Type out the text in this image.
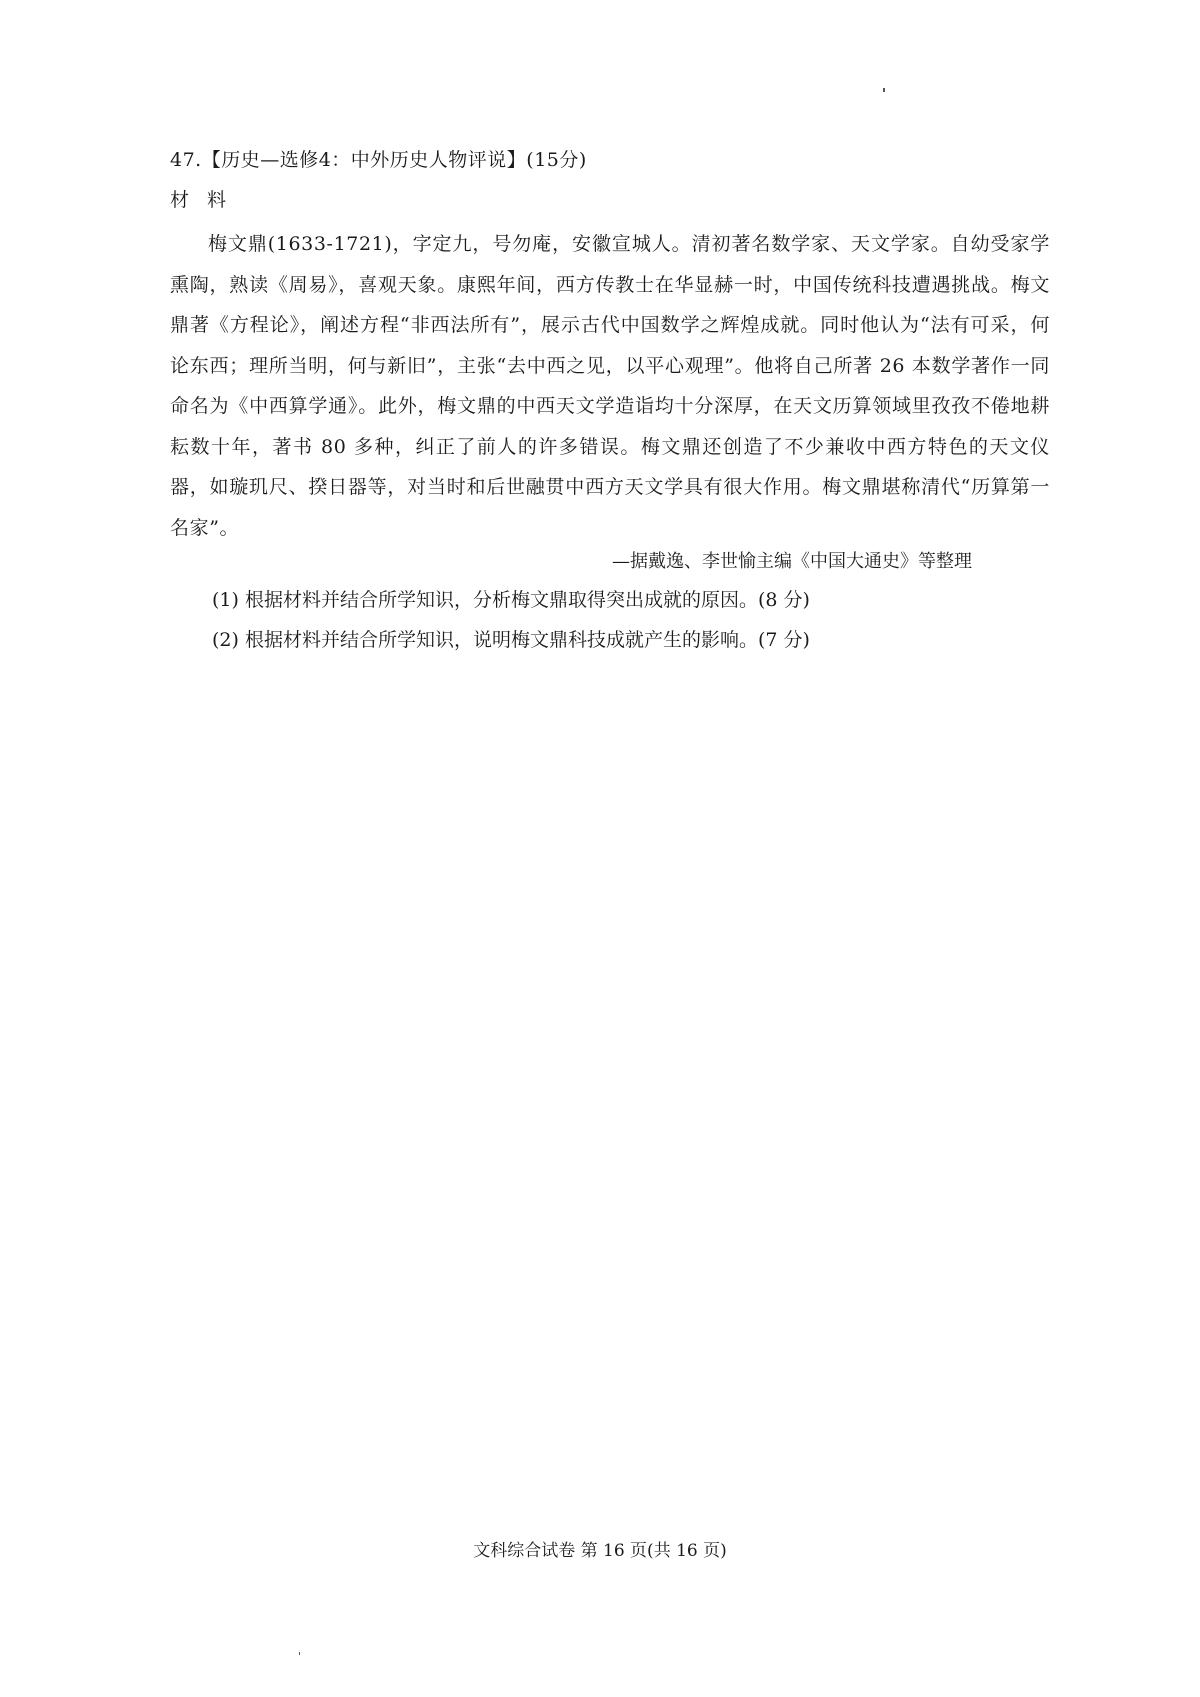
47.【历史—选修4：中外历史人物评说】(15分)
材 料
梅文鼎(1633-1721)，字定九，号勿庵，安徽宣城人。清初著名数学家、天文学家。自幼受家学熏陶，熟读《周易》，喜观天象。康熙年间，西方传教士在华显赫一时，中国传统科技遭遇挑战。梅文鼎著《方程论》，阐述方程“非西法所有”，展示古代中国数学之辉煌成就。同时他认为“法有可采，何论东西；理所当明，何与新旧”，主张“去中西之见，以平心观理”。他将自己所著 26 本数学著作一同命名为《中西算学通》。此外，梅文鼎的中西天文学造诣均十分深厚，在天文历算领域里孜孜不倦地耕耘数十年，著书 80 多种，纠正了前人的许多错误。梅文鼎还创造了不少兼收中西方特色的天文仪器，如璇玑尺、揆日器等，对当时和后世融贯中西方天文学具有很大作用。梅文鼎堪称清代“历算第一名家”。
—据戴逸、李世愉主编《中国大通史》等整理
(1) 根据材料并结合所学知识，分析梅文鼎取得突出成就的原因。(8 分)
(2) 根据材料并结合所学知识，说明梅文鼎科技成就产生的影响。(7 分)
文科综合试卷 第 16 页(共 16 页)
